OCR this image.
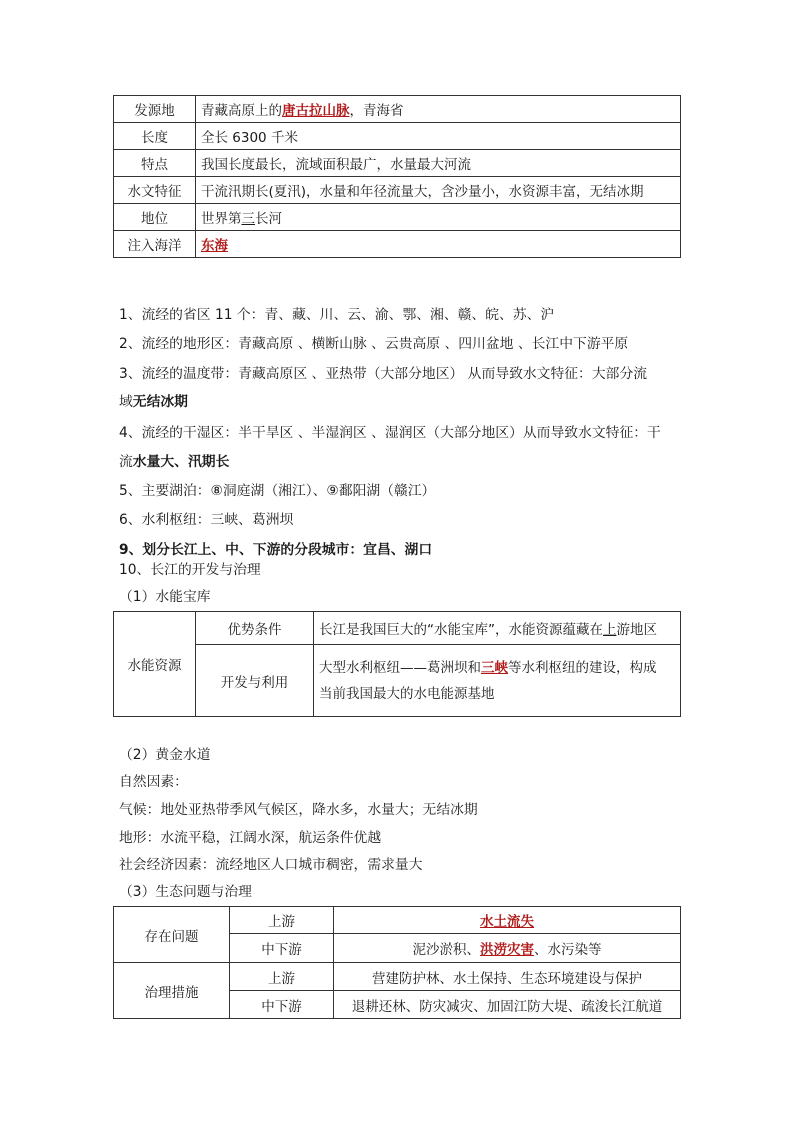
发源地	青藏高原上的唐古拉山脉，青海省
长度	全长 6300 千米
特点	我国长度最长，流域面积最广，水量最大河流
水文特征	干流汛期长(夏汛)，水量和年径流量大，含沙量小，水资源丰富，无结冰期
地位	世界第三长河
注入海洋	东海
1、流经的省区 11 个：青、藏、川、云、渝、鄂、湘、赣、皖、苏、沪
2、流经的地形区：青藏高原 、横断山脉 、云贵高原 、四川盆地 、长江中下游平原
3、流经的温度带：青藏高原区 、亚热带（大部分地区） 从而导致水文特征：大部分流
域无结冰期
4、流经的干湿区：半干旱区 、半湿润区 、湿润区（大部分地区）从而导致水文特征：干
流水量大、汛期长
5、主要湖泊：⑧洞庭湖（湘江）、⑨鄱阳湖（赣江）
6、水利枢纽：三峡、葛洲坝
9、划分长江上、中、下游的分段城市：宜昌、湖口
10、长江的开发与治理
（1）水能宝库
水能资源	优势条件	长江是我国巨大的“水能宝库”，水能资源蕴藏在上游地区
	开发与利用	大型水利枢纽——葛洲坝和三峡等水利枢纽的建设，构成
当前我国最大的水电能源基地
（2）黄金水道
自然因素：
气候：地处亚热带季风气候区，降水多，水量大；无结冰期
地形：水流平稳，江阔水深，航运条件优越
社会经济因素：流经地区人口城市稠密，需求量大
（3）生态问题与治理
存在问题	上游	水土流失
	中下游	泥沙淤积、洪涝灾害、水污染等
治理措施	上游	营建防护林、水土保持、生态环境建设与保护
	中下游	退耕还林、防灾减灾、加固江防大堤、疏浚长江航道
